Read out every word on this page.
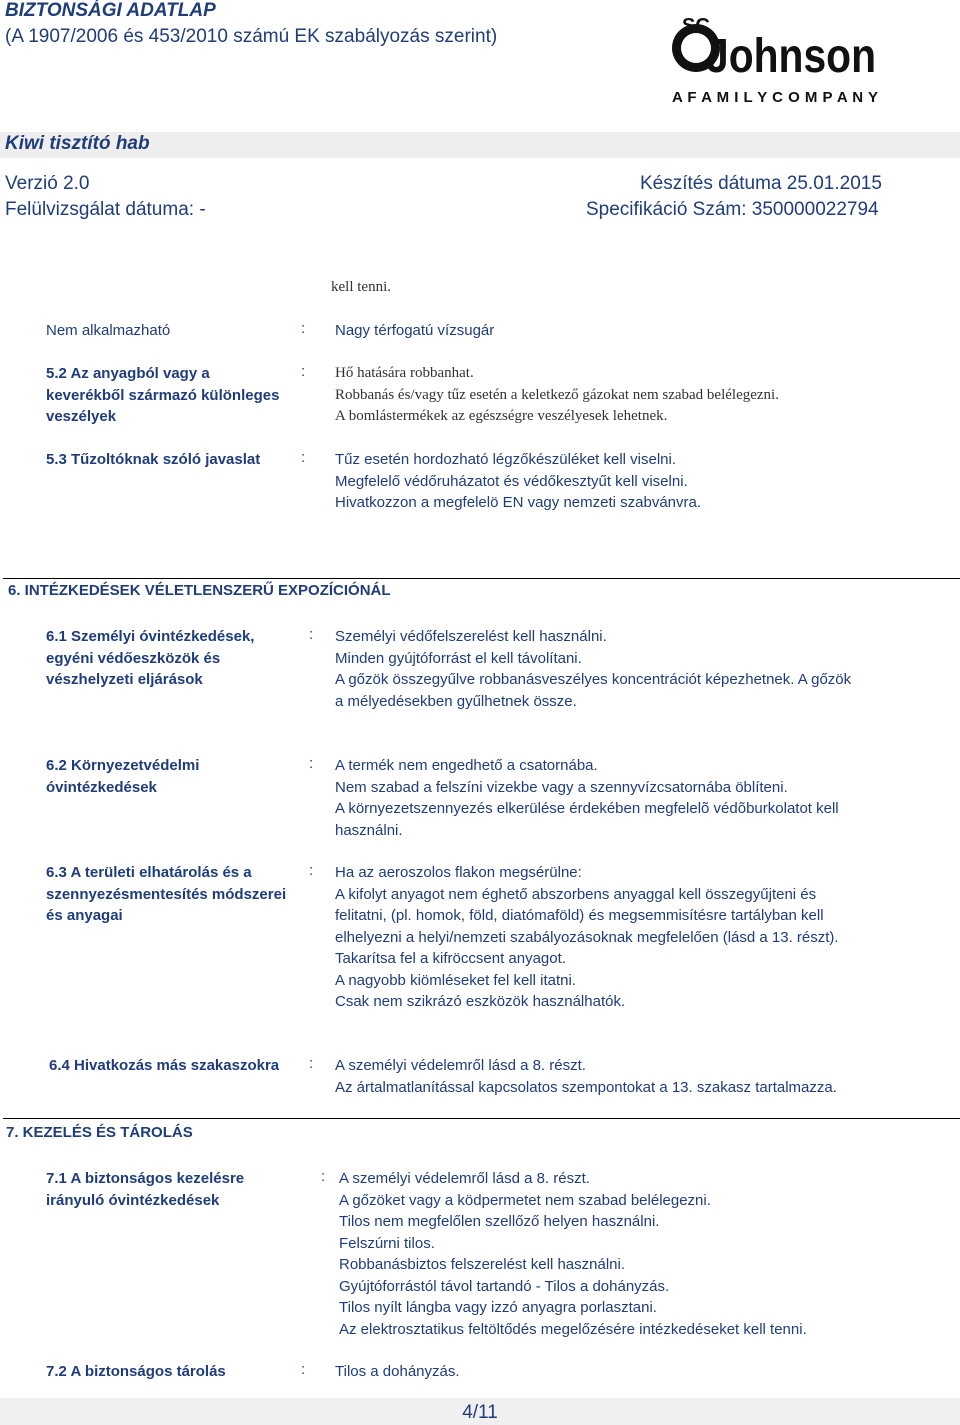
BIZTONSÁGI ADATLAP
(A 1907/2006 és 453/2010 számú EK szabályozás szerint)	SC
Johnson
A F A M I L Y C O M P A N Y
Kiwi tisztító hab
Verzió 2.0
Felülvizsgálat dátuma: -
Készítés dátuma 25.01.2015
Specifikáció Szám: 350000022794
kell tenni.
Nem alkalmazható	: Nagy térfogatú vízsugár
5.2 Az anyagból vagy a
keverékből származó különleges
veszélyek
: Hő hatására robbanhat.
Robbanás és/vagy tűz esetén a keletkező gázokat nem szabad belélegezni.
A bomlástermékek az egészségre veszélyesek lehetnek.
5.3 Tűzoltóknak szóló javaslat	: Tűz esetén hordozható légzőkészüléket kell viselni.
Megfelelő védőruházatot és védőkesztyűt kell viselni.
Hivatkozzon a megfelelö EN vagy nemzeti szabvánvra.
6. INTÉZKEDÉSEK VÉLETLENSZERŰ EXPOZÍCIÓNÁL
6.1 Személyi óvintézkedések,
egyéni védőeszközök és
vészhelyzeti eljárások
: Személyi védőfelszerelést kell használni.
Minden gyújtóforrást el kell távolítani.
A gőzök összegyűlve robbanásveszélyes koncentrációt képezhetnek. A gőzök
a mélyedésekben gyűlhetnek össze.
6.2 Környezetvédelmi
óvintézkedések
: A termék nem engedhető a csatornába.
Nem szabad a felszíni vizekbe vagy a szennyvízcsatornába öblíteni.
A környezetszennyezés elkerülése érdekében megfelelõ védõburkolatot kell
használni.
6.3 A területi elhatárolás és a
szennyezésmentesítés módszerei
és anyagai
: Ha az aeroszolos flakon megsérülne:
A kifolyt anyagot nem éghető abszorbens anyaggal kell összegyűjteni és
felitatni, (pl. homok, föld, diatómaföld) és megsemmisítésre tartályban kell
elhelyezni a helyi/nemzeti szabályozásoknak megfelelően (lásd a 13. részt).
Takarítsa fel a kifröccsent anyagot.
A nagyobb kiömléseket fel kell itatni.
Csak nem szikrázó eszközök használhatók.
6.4 Hivatkozás más szakaszokra : A személyi védelemről lásd a 8. részt.
Az ártalmatlanítással kapcsolatos szempontokat a 13. szakasz tartalmazza.
7. KEZELÉS ÉS TÁROLÁS
7.1 A biztonságos kezelésre
irányuló óvintézkedések
: A személyi védelemről lásd a 8. részt.
A gőzöket vagy a ködpermetet nem szabad belélegezni.
Tilos nem megfelőlen szellőző helyen használni.
Felszúrni tilos.
Robbanásbiztos felszerelést kell használni.
Gyújtóforrástól távol tartandó - Tilos a dohányzás.
Tilos nyílt lángba vagy izzó anyagra porlasztani.
Az elektrosztatikus feltöltődés megelőzésére intézkedéseket kell tenni.
7.2 A biztonságos tárolás	: Tilos a dohányzás.
4/11
